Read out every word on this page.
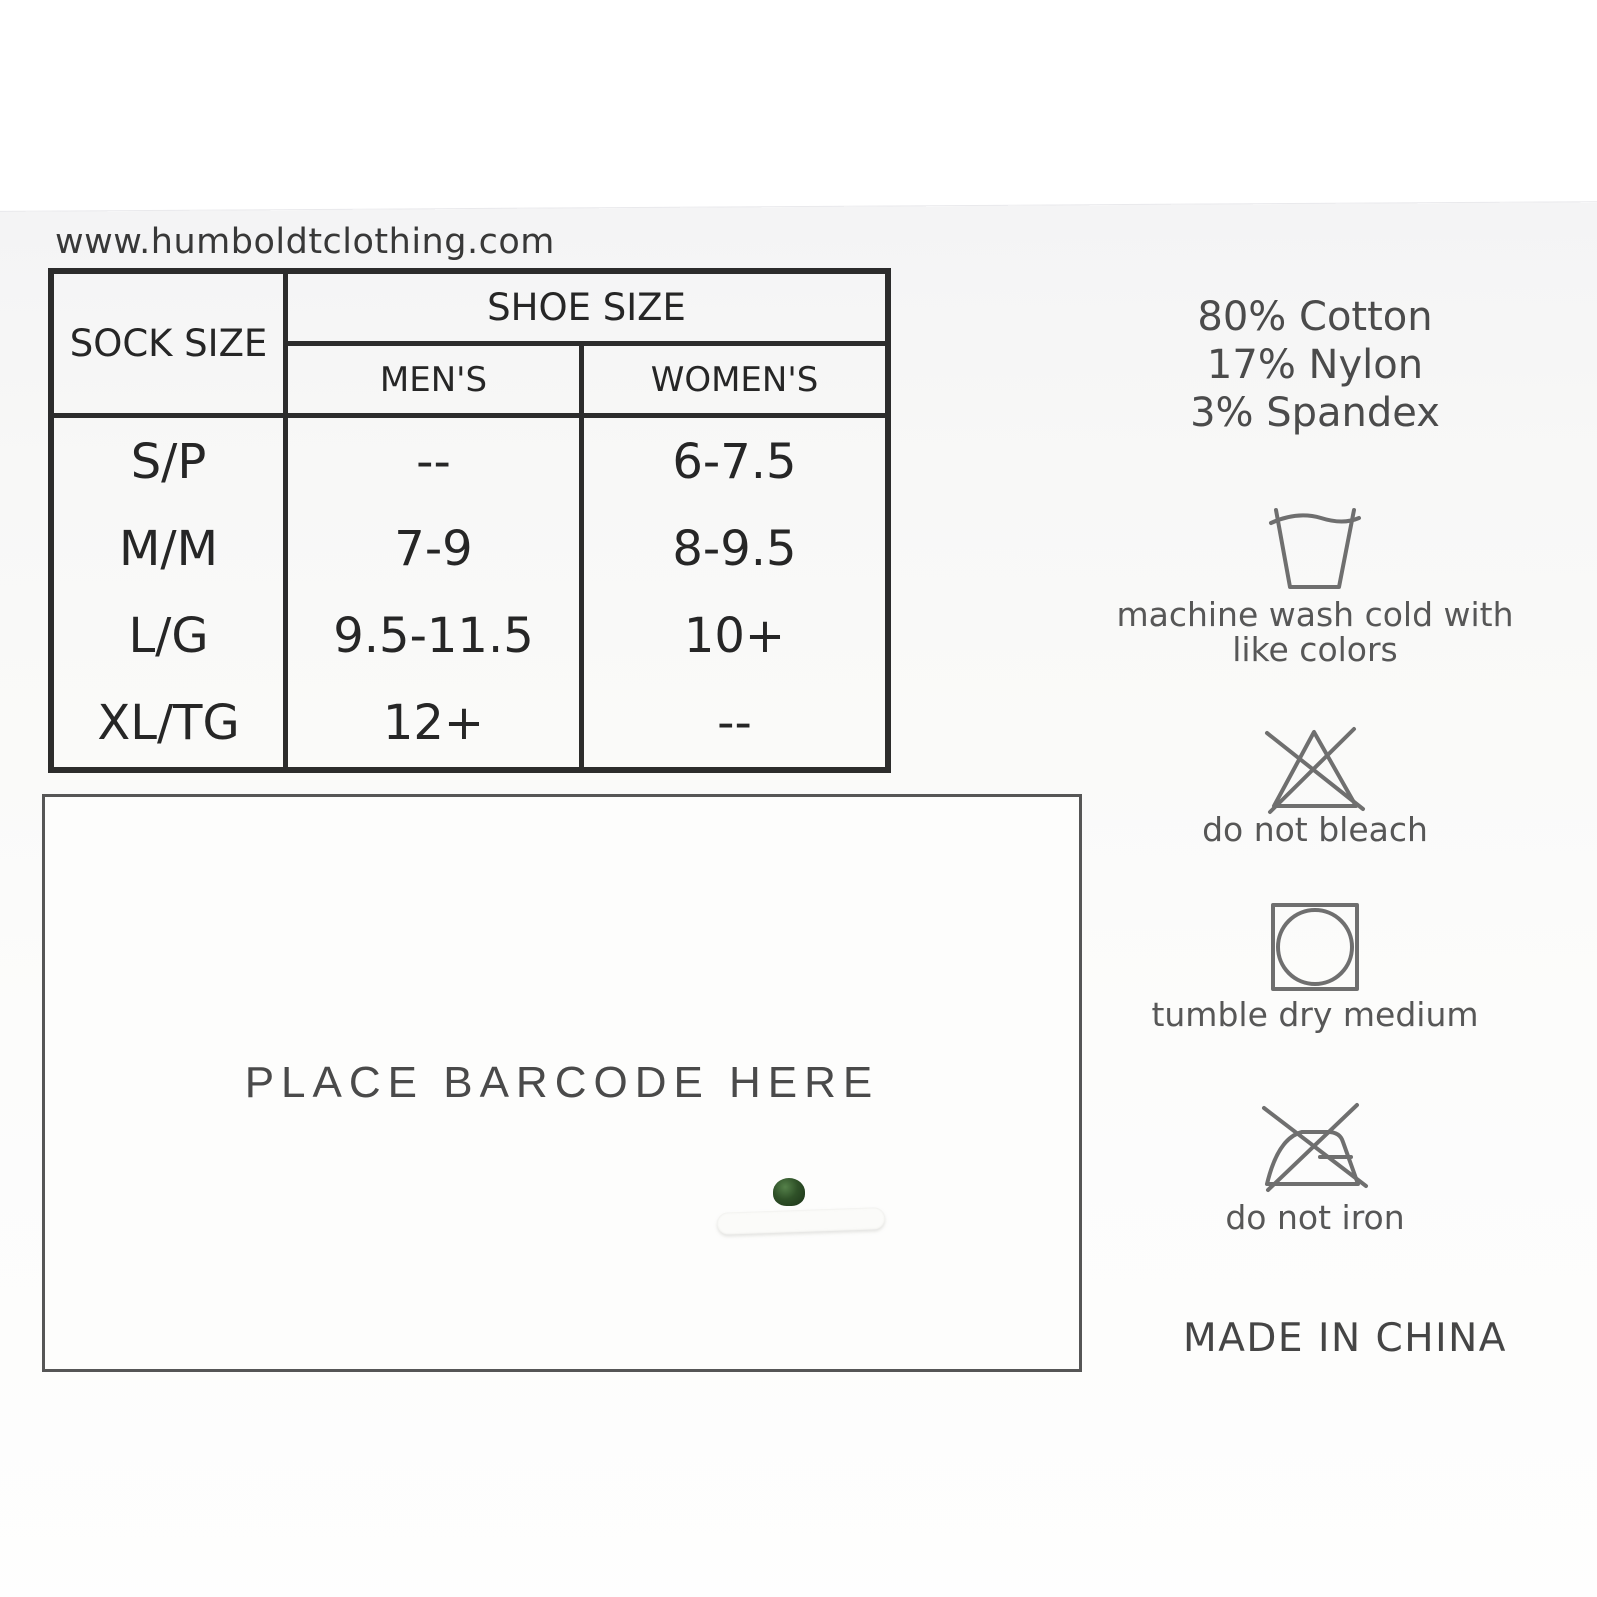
www.humboldtclothing.com
SOCK SIZE
SHOE SIZE
MEN'S	WOMEN'S
S/P	--	6-7.5
M/M	7-9	8-9.5
L/G	9.5-11.5	10+
XL/TG	12+	--
PLACE BARCODE HERE
80% Cotton
17% Nylon
3% Spandex
machine wash cold with like colors
do not bleach
tumble dry medium
do not iron
MADE IN CHINA
